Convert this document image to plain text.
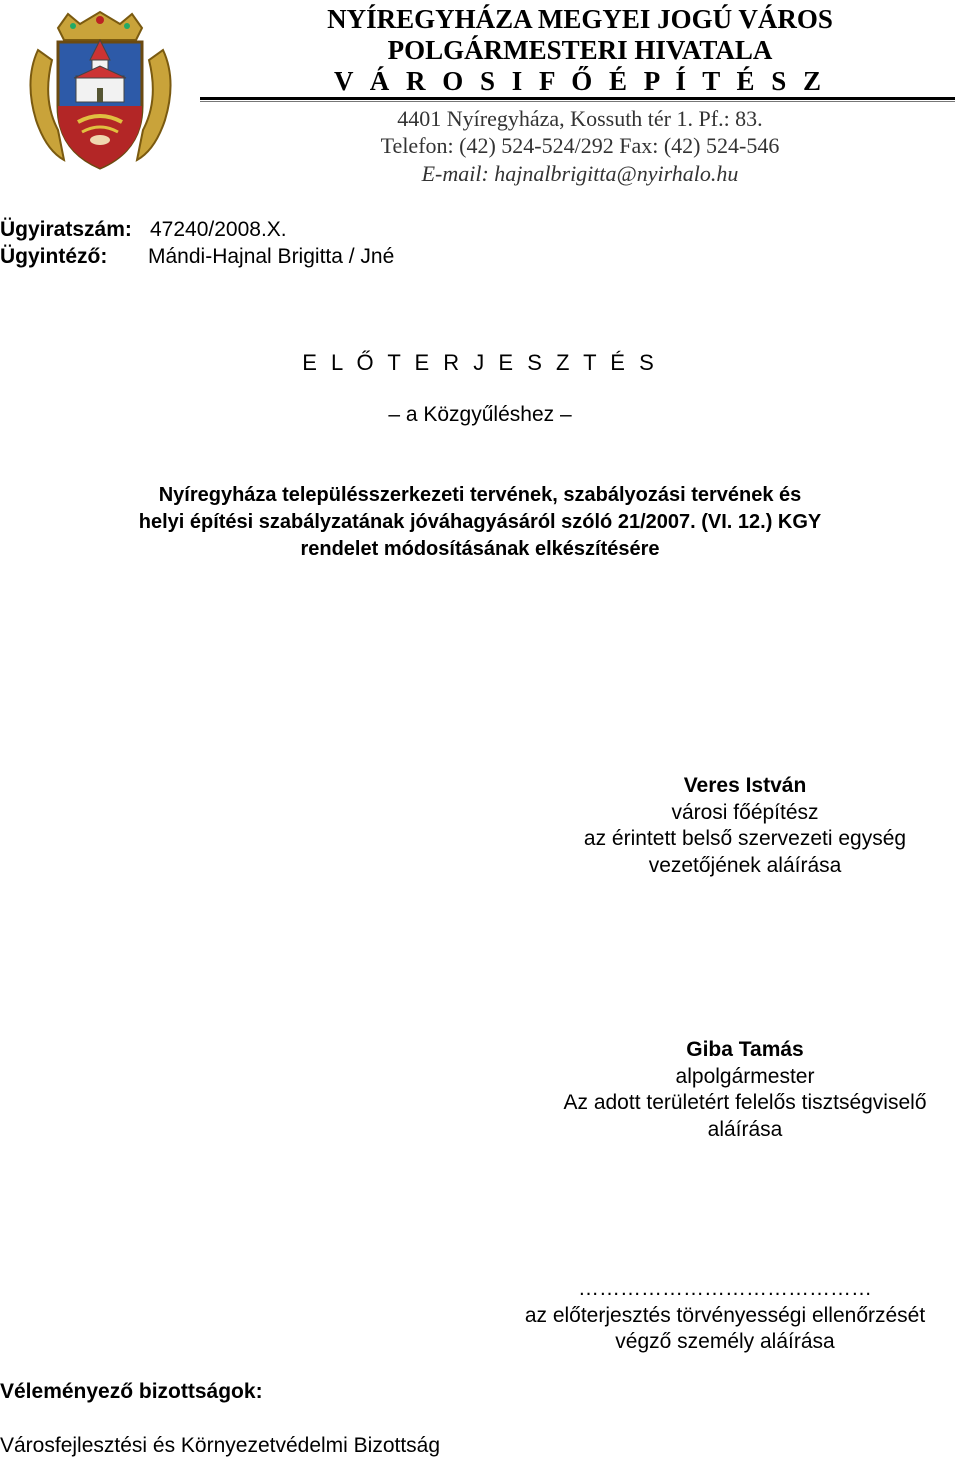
NYÍREGYHÁZA MEGYEI JOGÚ VÁROS
POLGÁRMESTERI HIVATALA
V Á R O S I F Ő É P Í T É S Z
4401 Nyíregyháza, Kossuth tér 1. Pf.: 83.
Telefon: (42) 524-524/292 Fax: (42) 524-546
E-mail: hajnalbrigitta@nyirhalo.hu
Ügyiratszám: 47240/2008.X.
Ügyintéző: Mándi-Hajnal Brigitta / Jné
E L Ő T E R J E S Z T É S
– a Közgyűléshez –
Nyíregyháza településszerkezeti tervének, szabályozási tervének és
helyi építési szabályzatának jóváhagyásáról szóló 21/2007. (VI. 12.) KGY
rendelet módosításának elkészítésére
Veres István
városi főépítész
az érintett belső szervezeti egység
vezetőjének aláírása
Giba Tamás
alpolgármester
Az adott területért felelős tisztségviselő
aláírása
……………………………………
az előterjesztés törvényességi ellenőrzését
végző személy aláírása
Véleményező bizottságok:
Városfejlesztési és Környezetvédelmi Bizottság
